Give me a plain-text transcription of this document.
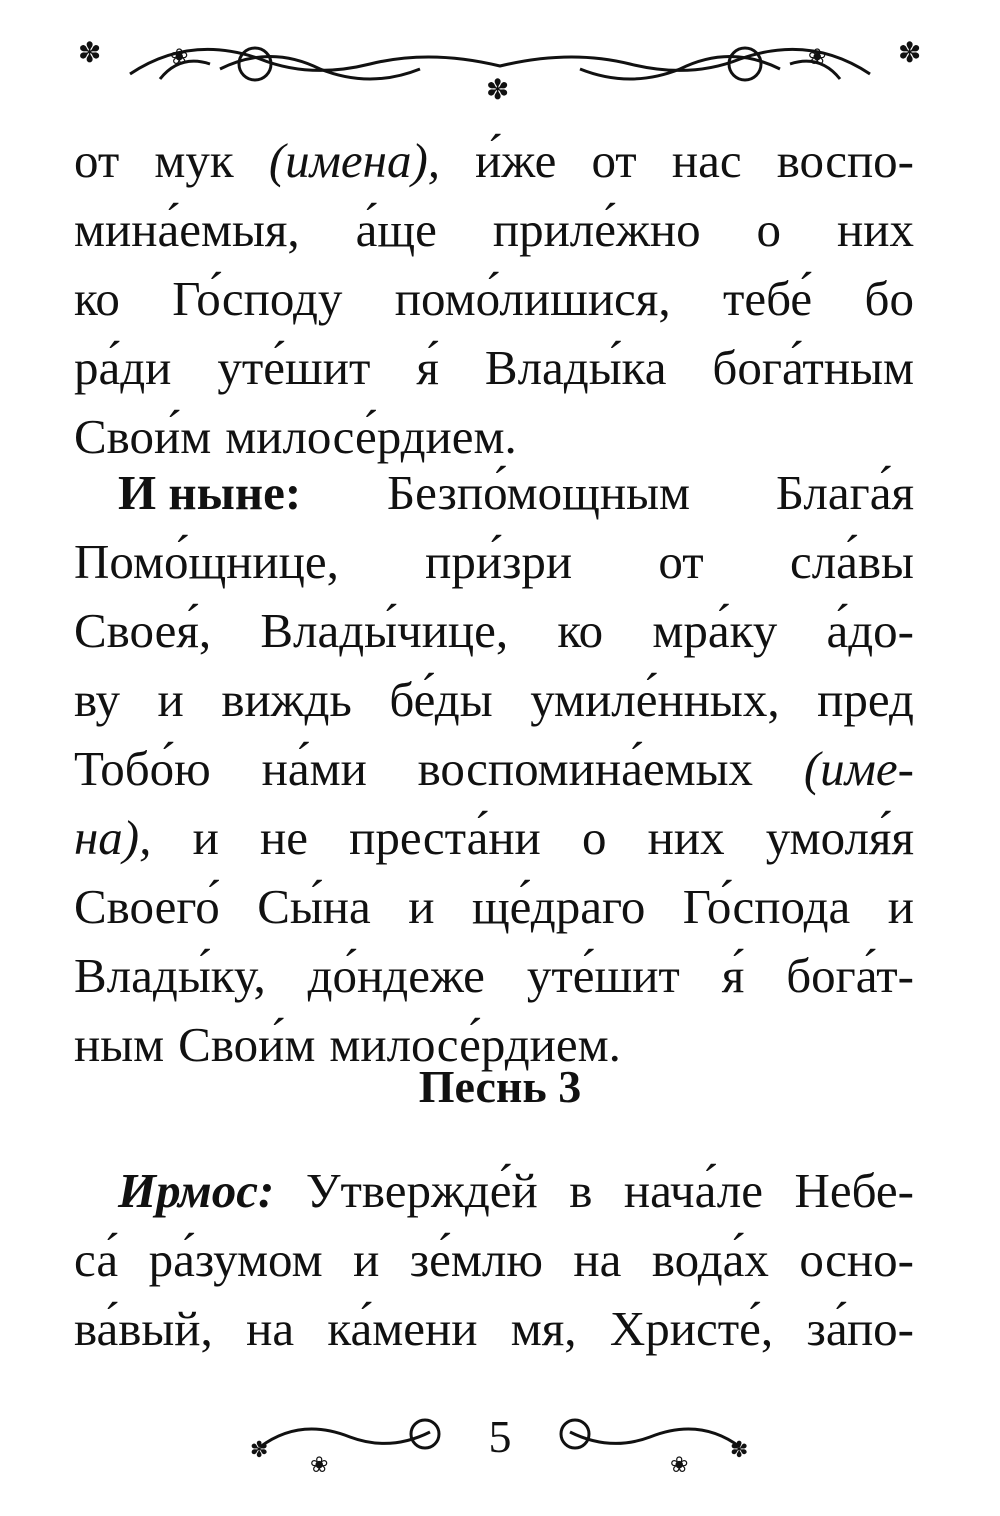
✽	✽
✽
❀	❀
от мук (имена), и́же от нас воспо-
мина́емыя, а́ще приле́жно о них
ко Го́споду помо́лишися, тебе́ бо
ра́ди уте́шит я́ Влады́ка бога́тным
Свои́м милосе́рдием.
И ныне: Безпо́мощным Блага́я
Помо́щнице, при́зри от сла́вы
Своея́, Влады́чице, ко мра́ку а́до-
ву и виждь бе́ды умиле́нных, пред
Тобо́ю на́ми воспомина́емых (име-
на), и не преста́ни о них умоля́я
Своего́ Сы́на и ще́драго Го́спода и
Влады́ку, до́ндеже уте́шит я́ бога́т-
ным Свои́м милосе́рдием.
Песнь 3
Ирмос: Утвержде́й в нача́ле Небе-
са́ ра́зумом и зе́млю на вода́х осно-
ва́вый, на ка́мени мя, Христе́, за́по-
✽
❀
✽
❀
5
